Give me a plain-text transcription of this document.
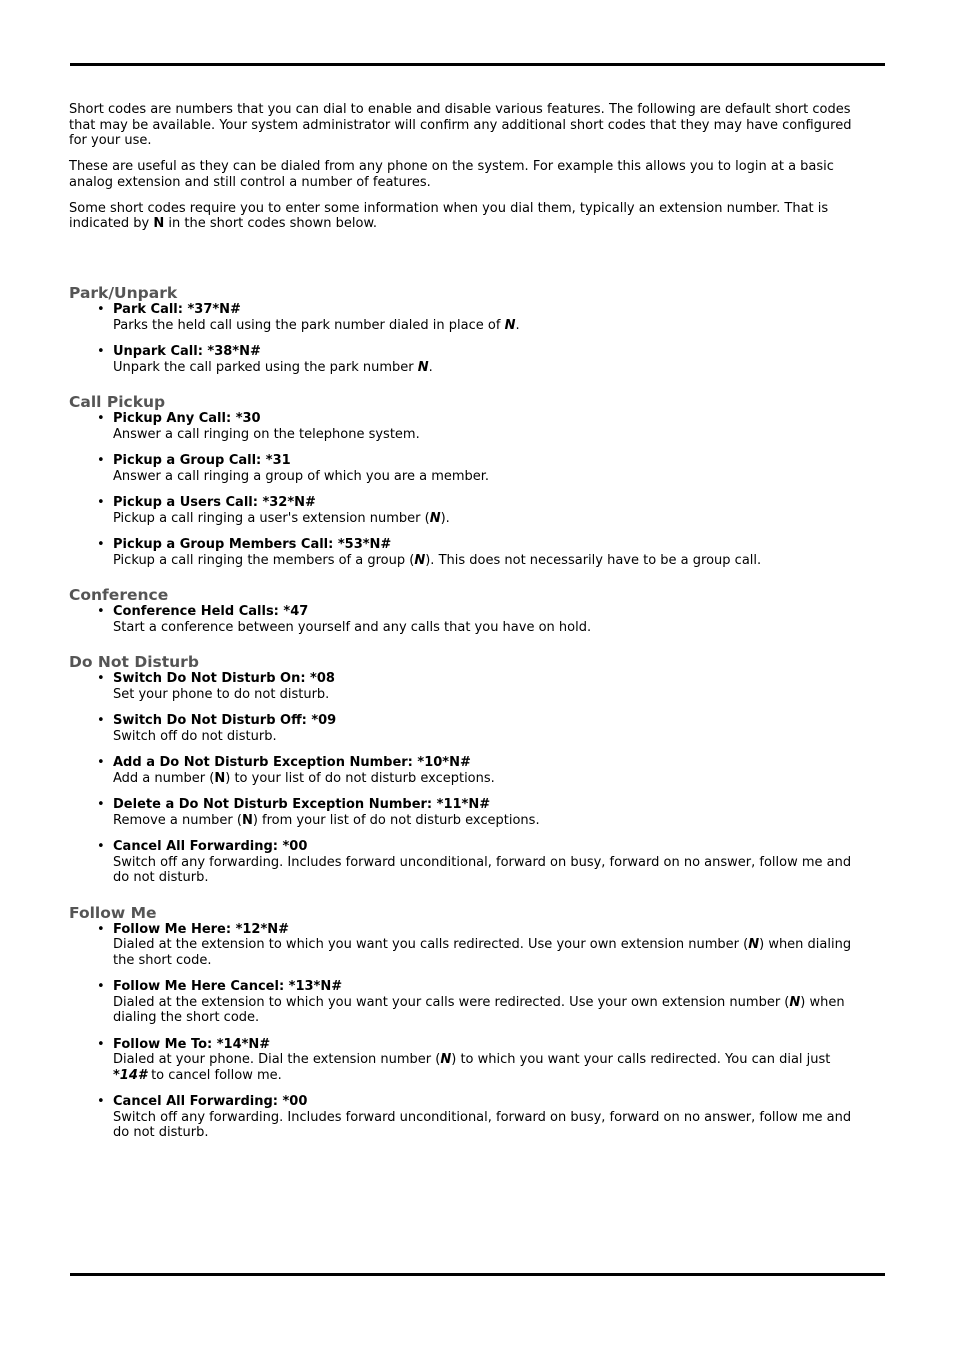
Short codes are numbers that you can dial to enable and disable various features. The following are default short codes that may be available. Your system administrator will confirm any additional short codes that they may have configured for your use.

These are useful as they can be dialed from any phone on the system. For example this allows you to login at a basic analog extension and still control a number of features.

Some short codes require you to enter some information when you dial them, typically an extension number. That is indicated by N in the short codes shown below.

Park/Unpark
• Park Call: *37*N#
Parks the held call using the park number dialed in place of N.
• Unpark Call: *38*N#
Unpark the call parked using the park number N.
Call Pickup
• Pickup Any Call: *30
Answer a call ringing on the telephone system.
• Pickup a Group Call: *31
Answer a call ringing a group of which you are a member.
• Pickup a Users Call: *32*N#
Pickup a call ringing a user's extension number (N).
• Pickup a Group Members Call: *53*N#
Pickup a call ringing the members of a group (N). This does not necessarily have to be a group call.
Conference
• Conference Held Calls: *47
Start a conference between yourself and any calls that you have on hold.
Do Not Disturb
• Switch Do Not Disturb On: *08
Set your phone to do not disturb.
• Switch Do Not Disturb Off: *09
Switch off do not disturb.
• Add a Do Not Disturb Exception Number: *10*N#
Add a number (N) to your list of do not disturb exceptions.
• Delete a Do Not Disturb Exception Number: *11*N#
Remove a number (N) from your list of do not disturb exceptions.
• Cancel All Forwarding: *00
Switch off any forwarding. Includes forward unconditional, forward on busy, forward on no answer, follow me and do not disturb.
Follow Me
• Follow Me Here: *12*N#
Dialed at the extension to which you want you calls redirected. Use your own extension number (N) when dialing the short code.
• Follow Me Here Cancel: *13*N#
Dialed at the extension to which you want your calls were redirected. Use your own extension number (N) when dialing the short code.
• Follow Me To: *14*N#
Dialed at your phone. Dial the extension number (N) to which you want your calls redirected. You can dial just *14# to cancel follow me.
• Cancel All Forwarding: *00
Switch off any forwarding. Includes forward unconditional, forward on busy, forward on no answer, follow me and do not disturb.
